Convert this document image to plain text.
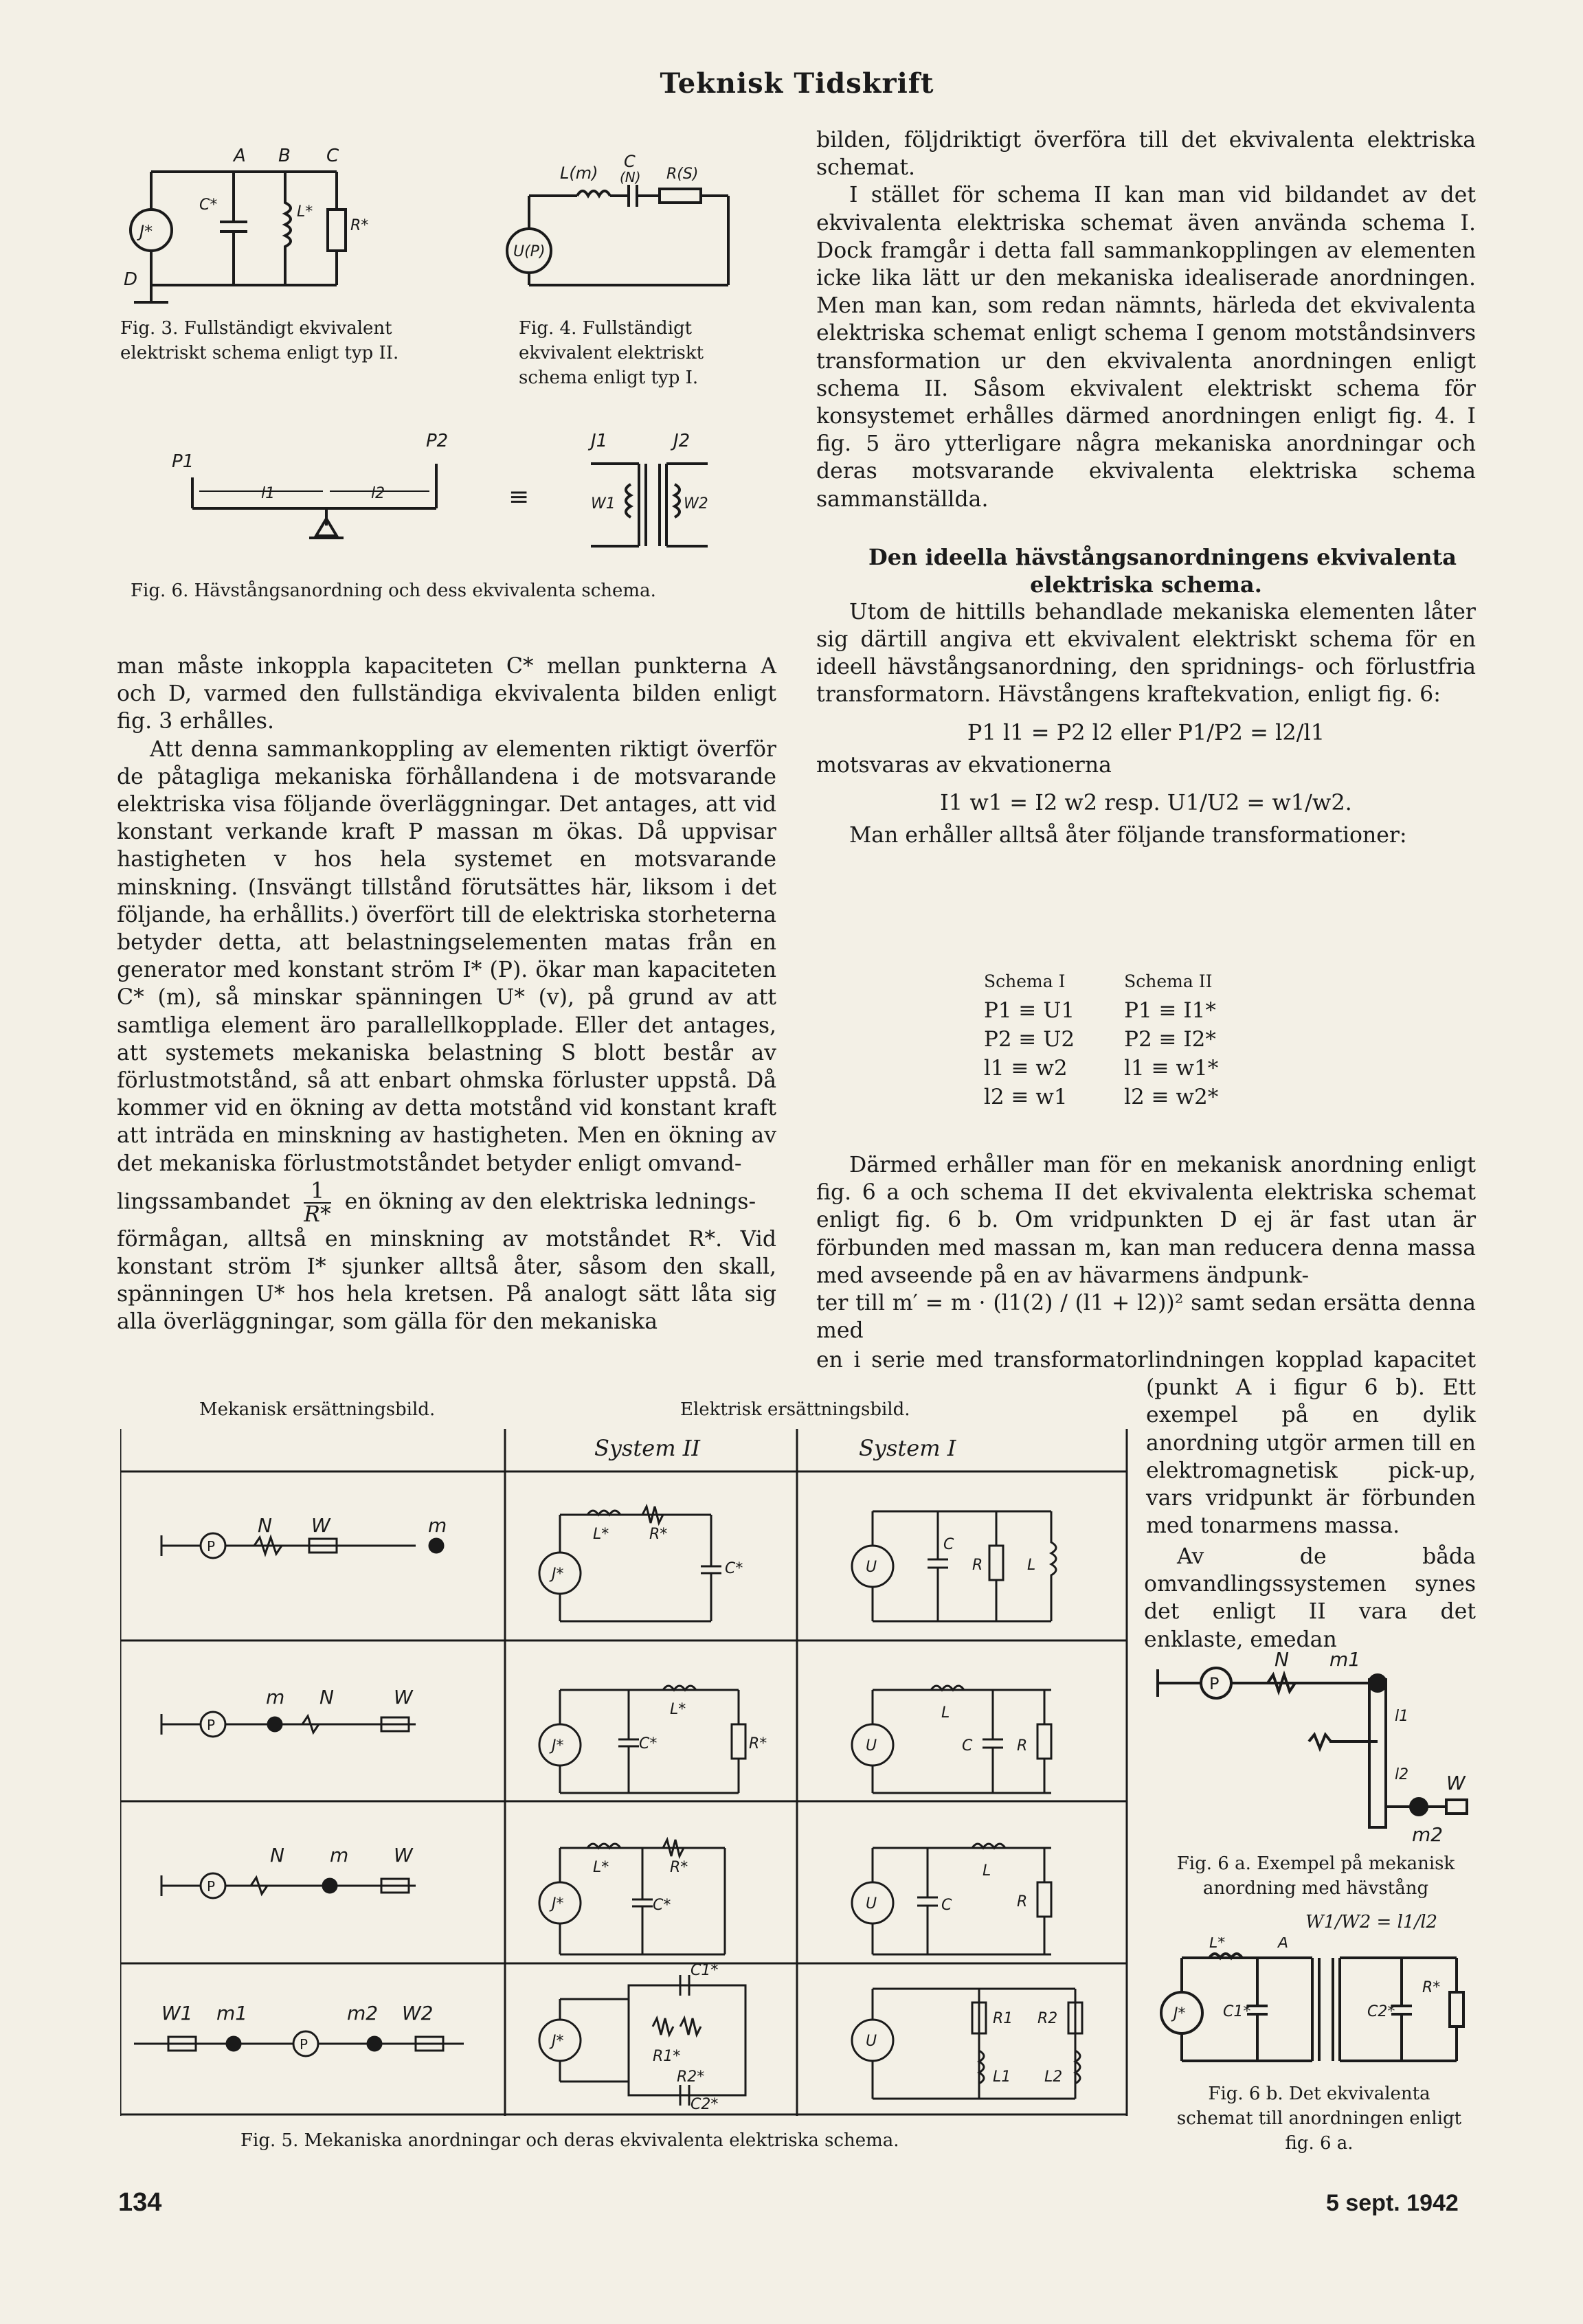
Teknisk Tidskrift
A B C
J*
C*	L*
R*
D
Fig. 3. Fullständigt ekvivalent elektriskt schema enligt typ II.
L(m)
C
(N) R(S)
U(P)
Fig. 4. Fullständigt ekvivalent elektriskt schema enligt typ I.
P1
P2
l1	l2	≡
J1	J2
W1	W2
Fig. 6. Hävstångsanordning och dess ekvivalenta schema.

man måste inkoppla kapaciteten C* mellan punkterna A och D, varmed den fullständiga ekvivalenta bilden enligt fig. 3 erhålles.

Att denna sammankoppling av elementen riktigt överför de påtagliga mekaniska förhållandena i de motsvarande elektriska visa följande överläggningar. Det antages, att vid konstant verkande kraft P massan m ökas. Då uppvisar hastigheten v hos hela systemet en motsvarande minskning. (Insvängt tillstånd förutsättes här, liksom i det följande, ha erhållits.) överfört till de elektriska storheterna betyder detta, att belastningselementen matas från en generator med konstant ström I* (P). ökar man kapaciteten C* (m), så minskar spänningen U* (v), på grund av att samtliga element äro parallellkopplade. Eller det antages, att systemets mekaniska belastning S blott består av förlustmotstånd, så att enbart ohmska förluster uppstå. Då kommer vid en ökning av detta motstånd vid konstant kraft att inträda en minskning av hastigheten. Men en ökning av det mekaniska förlustmotståndet betyder enligt omvand-

lingssambandet $\frac{1}{R*}$ en ökning av den elektriska lednings-

förmågan, alltså en minskning av motståndet R*. Vid konstant ström I* sjunker alltså åter, såsom den skall, spänningen U* hos hela kretsen. På analogt sätt låta sig alla överläggningar, som gälla för den mekaniska

bilden, följdriktigt överföra till det ekvivalenta elektriska schemat.

I stället för schema II kan man vid bildandet av det ekvivalenta elektriska schemat även använda schema I. Dock framgår i detta fall sammankopplingen av elementen icke lika lätt ur den mekaniska idealiserade anordningen. Men man kan, som redan nämnts, härleda det ekvivalenta elektriska schemat enligt schema I genom motståndsinvers transformation ur den ekvivalenta anordningen enligt schema II. Såsom ekvivalent elektriskt schema för konsystemet erhålles därmed anordningen enligt fig. 4. I fig. 5 äro ytterligare några mekaniska anordningar och deras motsvarande ekvivalenta elektriska schema sammanställda.

Den ideella hävstångsanordningens ekvivalenta elektriska schema.

Utom de hittills behandlade mekaniska elementen låter sig därtill angiva ett ekvivalent elektriskt schema för en ideell hävstångsanordning, den spridnings- och förlustfria transformatorn. Hävstångens kraftekvation, enligt fig. 6:

P1 l1 = P2 l2 eller P1/P2 = l2/l1

motsvaras av ekvationerna

I1 w1 = I2 w2 resp. U1/U2 = w1/w2.

Man erhåller alltså åter följande transformationer:

Schema I	Schema II
P1 ≡ U1	P1 ≡ I1*
P2 ≡ U2	P2 ≡ I2*
l1 ≡ w2	l1 ≡ w1*
l2 ≡ w1	l2 ≡ w2*

Därmed erhåller man för en mekanisk anordning enligt fig. 6 a och schema II det ekvivalenta elektriska schemat enligt fig. 6 b. Om vridpunkten D ej är fast utan är förbunden med massan m, kan man reducera denna massa med avseende på en av hävarmens ändpunk-

ter till m′ = m · (l1(2) / (l1 + l2))² samt sedan ersätta denna med

en i serie med transformatorlindningen kopplad kapacitet (punkt A i figur 6 b). Ett exempel på en dylik anordning utgör armen till en elektromagnetisk pick-up, vars vridpunkt är förbunden med tonarmens massa.

Av de båda omvandlingssystemen synes det enligt II vara det enklaste, emedan

Mekanisk ersättningsbild.	Elektrisk ersättningsbild.
P
N W	m
P
m N	W
P
N m W
P
W1 m1	m2 W2
J*
L*	R*
C*
J*
L*
C*	R*
J*
L*	R*
C*
J*
C1*
R1*
R2*
C2*
U
C
R	L
U
L
C	R
U
L
C	R
U
R1 R2
L1 L2
System II	System I
Fig. 5. Mekaniska anordningar och deras ekvivalenta elektriska schema.
P
N m1
l1
l2 W
m2
Fig. 6 a. Exempel på mekanisk anordning med hävstång
W1/W2 = l1/l2
J*
L*	A
C1*	C2*
R*
Fig. 6 b. Det ekvivalenta schemat till anordningen enligt fig. 6 a.
134	5 sept. 1942
